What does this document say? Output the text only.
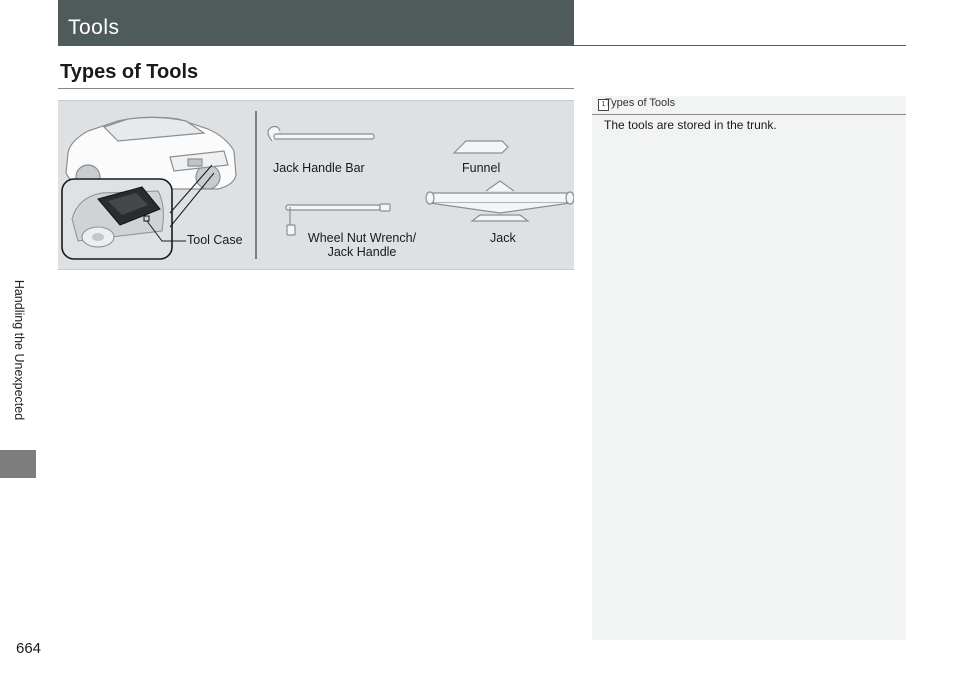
Handling the Unexpected
664
Tools
Types of Tools
Tool Case
Jack Handle Bar	Funnel
Wheel Nut Wrench/
Jack Handle
Jack
1 Types of Tools
The tools are stored in the trunk.
